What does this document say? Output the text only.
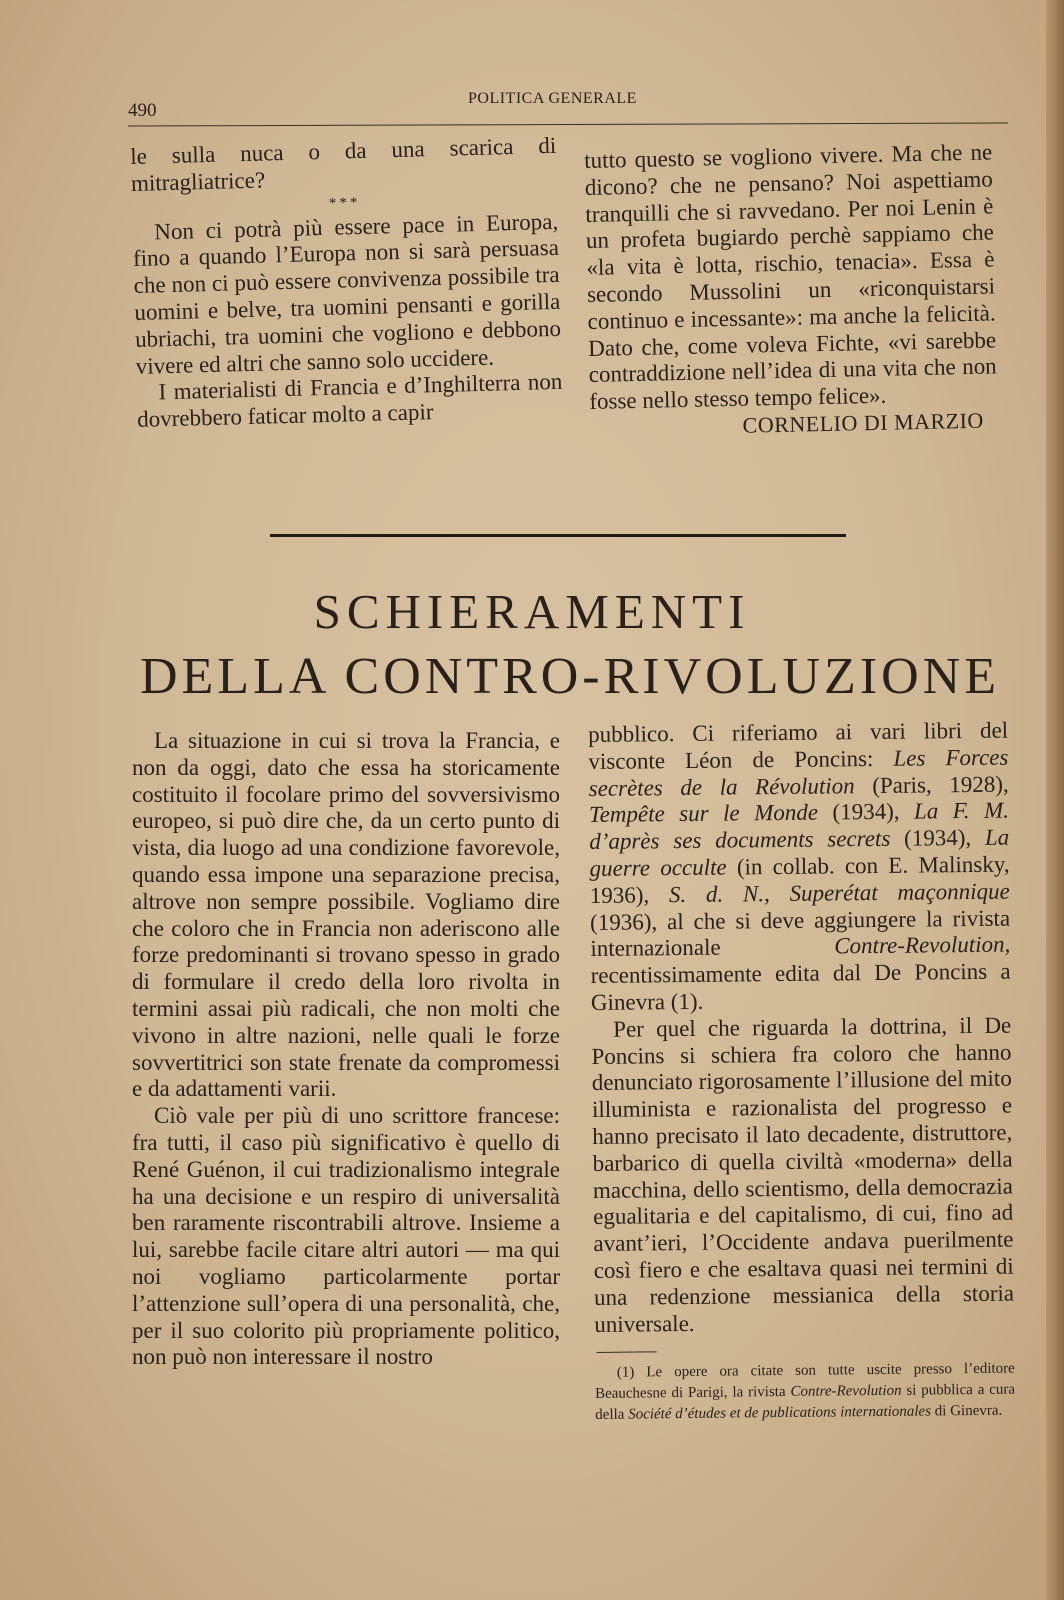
490
POLITICA GENERALE

le sulla nuca o da una scarica di mitragliatrice?

***

Non ci potrà più essere pace in Europa, fino a quando l’Europa non si sarà persuasa che non ci può essere convivenza possibile tra uomini e belve, tra uomini pensanti e gorilla ubriachi, tra uomini che vogliono e debbono vivere ed altri che sanno solo uccidere.

I materialisti di Francia e d’Inghilterra non dovrebbero faticar molto a capir

tutto questo se vogliono vivere. Ma che ne dicono? che ne pensano? Noi aspettiamo tranquilli che si ravvedano. Per noi Lenin è un profeta bugiardo perchè sappiamo che «la vita è lotta, rischio, tenacia». Essa è secondo Mussolini un «riconquistarsi continuo e incessante»: ma anche la felicità. Dato che, come voleva Fichte, «vi sarebbe contraddizione nell’idea di una vita che non fosse nello stesso tempo felice».

CORNELIO DI MARZIO

SCHIERAMENTI
DELLA CONTRO-RIVOLUZIONE

La situazione in cui si trova la Francia, e non da oggi, dato che essa ha storicamente costituito il focolare primo del sovversivismo europeo, si può dire che, da un certo punto di vista, dia luogo ad una condizione favorevole, quando essa impone una separazione precisa, altrove non sempre possibile. Vogliamo dire che coloro che in Francia non aderiscono alle forze predominanti si trovano spesso in grado di formulare il credo della loro rivolta in termini assai più radicali, che non molti che vivono in altre nazioni, nelle quali le forze sovvertitrici son state frenate da compromessi e da adattamenti varii.

Ciò vale per più di uno scrittore francese: fra tutti, il caso più significativo è quello di René Guénon, il cui tradizionalismo integrale ha una decisione e un respiro di universalità ben raramente riscontrabili altrove. Insieme a lui, sarebbe facile citare altri autori — ma qui noi vogliamo particolarmente portar l’attenzione sull’opera di una personalità, che, per il suo colorito più propriamente politico, non può non interessare il nostro

pubblico. Ci riferiamo ai vari libri del visconte Léon de Poncins: Les Forces secrètes de la Révolution (Paris, 1928), Tempête sur le Monde (1934), La F. M. d’après ses documents secrets (1934), La guerre occulte (in collab. con E. Malinsky, 1936), S. d. N., Superétat maçonnique (1936), al che si deve aggiungere la rivista internazionale Contre-Revolution, recentissimamente edita dal De Poncins a Ginevra (1).

Per quel che riguarda la dottrina, il De Poncins si schiera fra coloro che hanno denunciato rigorosamente l’illusione del mito illuminista e razionalista del progresso e hanno precisato il lato decadente, distruttore, barbarico di quella civiltà «moderna» della macchina, dello scientismo, della democrazia egualitaria e del capitalismo, di cui, fino ad avant’ieri, l’Occidente andava puerilmente così fiero e che esaltava quasi nei termini di una redenzione messianica della storia universale.

(1) Le opere ora citate son tutte uscite presso l’editore Beauchesne di Parigi, la rivista Contre-Revolution si pubblica a cura della Société d’études et de publications internationales di Ginevra.
